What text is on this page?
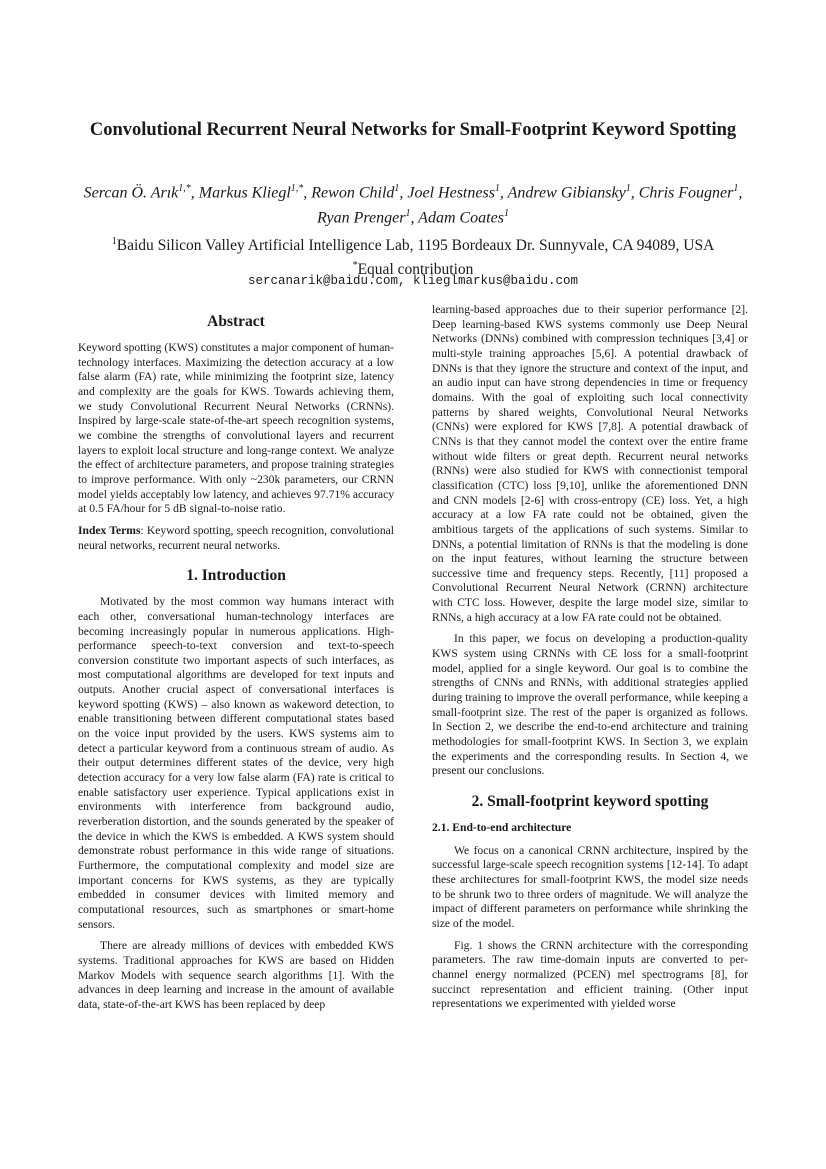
Convolutional Recurrent Neural Networks for Small-Footprint Keyword Spotting
Sercan Ö. Arık$^{1,*}$, Markus Kliegl$^{1,*}$, Rewon Child$^1$, Joel Hestness$^1$, Andrew Gibiansky$^1$, Chris Fougner$^1$, Ryan Prenger$^1$, Adam Coates$^1$
$^1$Baidu Silicon Valley Artificial Intelligence Lab, 1195 Bordeaux Dr. Sunnyvale, CA 94089, USA
*Equal contribution
sercanarik@baidu.com, klieglmarkus@baidu.com
Abstract

Keyword spotting (KWS) constitutes a major component of human-technology interfaces. Maximizing the detection accuracy at a low false alarm (FA) rate, while minimizing the footprint size, latency and complexity are the goals for KWS. Towards achieving them, we study Convolutional Recurrent Neural Networks (CRNNs). Inspired by large-scale state-of-the-art speech recognition systems, we combine the strengths of convolutional layers and recurrent layers to exploit local structure and long-range context. We analyze the effect of architecture parameters, and propose training strategies to improve performance. With only ~230k parameters, our CRNN model yields acceptably low latency, and achieves 97.71% accuracy at 0.5 FA/hour for 5 dB signal-to-noise ratio.

Index Terms: Keyword spotting, speech recognition, convolutional neural networks, recurrent neural networks.

1. Introduction

Motivated by the most common way humans interact with each other, conversational human-technology interfaces are becoming increasingly popular in numerous applications. High-performance speech-to-text conversion and text-to-speech conversion constitute two important aspects of such interfaces, as most computational algorithms are developed for text inputs and outputs. Another crucial aspect of conversational interfaces is keyword spotting (KWS) – also known as wakeword detection, to enable transitioning between different computational states based on the voice input provided by the users. KWS systems aim to detect a particular keyword from a continuous stream of audio. As their output determines different states of the device, very high detection accuracy for a very low false alarm (FA) rate is critical to enable satisfactory user experience. Typical applications exist in environments with interference from background audio, reverberation distortion, and the sounds generated by the speaker of the device in which the KWS is embedded. A KWS system should demonstrate robust performance in this wide range of situations. Furthermore, the computational complexity and model size are important concerns for KWS systems, as they are typically embedded in consumer devices with limited memory and computational resources, such as smartphones or smart-home sensors.

There are already millions of devices with embedded KWS systems. Traditional approaches for KWS are based on Hidden Markov Models with sequence search algorithms [1]. With the advances in deep learning and increase in the amount of available data, state-of-the-art KWS has been replaced by deep

learning-based approaches due to their superior performance [2]. Deep learning-based KWS systems commonly use Deep Neural Networks (DNNs) combined with compression techniques [3,4] or multi-style training approaches [5,6]. A potential drawback of DNNs is that they ignore the structure and context of the input, and an audio input can have strong dependencies in time or frequency domains. With the goal of exploiting such local connectivity patterns by shared weights, Convolutional Neural Networks (CNNs) were explored for KWS [7,8]. A potential drawback of CNNs is that they cannot model the context over the entire frame without wide filters or great depth. Recurrent neural networks (RNNs) were also studied for KWS with connectionist temporal classification (CTC) loss [9,10], unlike the aforementioned DNN and CNN models [2-6] with cross-entropy (CE) loss. Yet, a high accuracy at a low FA rate could not be obtained, given the ambitious targets of the applications of such systems. Similar to DNNs, a potential limitation of RNNs is that the modeling is done on the input features, without learning the structure between successive time and frequency steps. Recently, [11] proposed a Convolutional Recurrent Neural Network (CRNN) architecture with CTC loss. However, despite the large model size, similar to RNNs, a high accuracy at a low FA rate could not be obtained.

In this paper, we focus on developing a production-quality KWS system using CRNNs with CE loss for a small-footprint model, applied for a single keyword. Our goal is to combine the strengths of CNNs and RNNs, with additional strategies applied during training to improve the overall performance, while keeping a small-footprint size. The rest of the paper is organized as follows. In Section 2, we describe the end-to-end architecture and training methodologies for small-footprint KWS. In Section 3, we explain the experiments and the corresponding results. In Section 4, we present our conclusions.

2. Small-footprint keyword spotting
2.1. End-to-end architecture

We focus on a canonical CRNN architecture, inspired by the successful large-scale speech recognition systems [12-14]. To adapt these architectures for small-footprint KWS, the model size needs to be shrunk two to three orders of magnitude. We will analyze the impact of different parameters on performance while shrinking the size of the model.

Fig. 1 shows the CRNN architecture with the corresponding parameters. The raw time-domain inputs are converted to per-channel energy normalized (PCEN) mel spectrograms [8], for succinct representation and efficient training. (Other input representations we experimented with yielded worse
